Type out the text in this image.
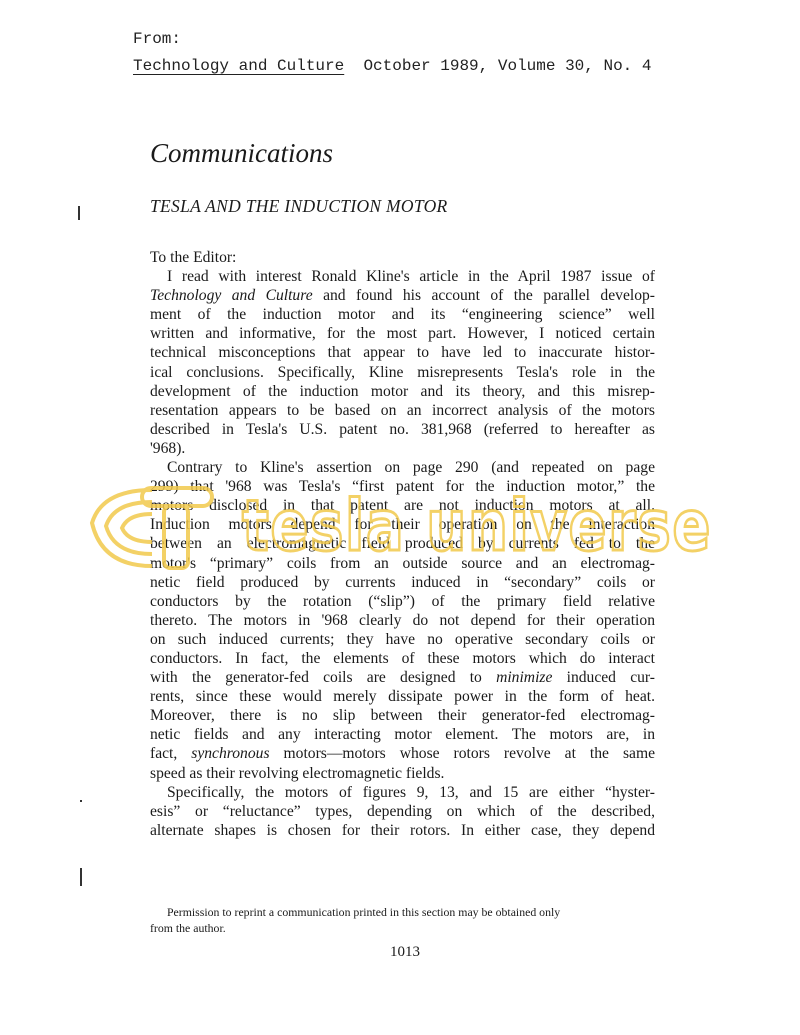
From:
Technology and Culture October 1989, Volume 30, No. 4
Communications
TESLA AND THE INDUCTION MOTOR
To the Editor:
I read with interest Ronald Kline's article in the April 1987 issue of
Technology and Culture and found his account of the parallel develop-
ment of the induction motor and its “engineering science” well
written and informative, for the most part. However, I noticed certain
technical misconceptions that appear to have led to inaccurate histor-
ical conclusions. Specifically, Kline misrepresents Tesla's role in the
development of the induction motor and its theory, and this misrep-
resentation appears to be based on an incorrect analysis of the motors
described in Tesla's U.S. patent no. 381,968 (referred to hereafter as
'968).
Contrary to Kline's assertion on page 290 (and repeated on page
299) that '968 was Tesla's “first patent for the induction motor,” the
motors disclosed in that patent are not induction motors at all.
Induction motors depend for their operation on the interaction
between an electromagnetic field produced by currents fed to the
motor's “primary” coils from an outside source and an electromag-
netic field produced by currents induced in “secondary” coils or
conductors by the rotation (“slip”) of the primary field relative
thereto. The motors in '968 clearly do not depend for their operation
on such induced currents; they have no operative secondary coils or
conductors. In fact, the elements of these motors which do interact
with the generator-fed coils are designed to minimize induced cur-
rents, since these would merely dissipate power in the form of heat.
Moreover, there is no slip between their generator-fed electromag-
netic fields and any interacting motor element. The motors are, in
fact, synchronous motors—motors whose rotors revolve at the same
speed as their revolving electromagnetic fields.
Specifically, the motors of figures 9, 13, and 15 are either “hyster-
esis” or “reluctance” types, depending on which of the described,
alternate shapes is chosen for their rotors. In either case, they depend
tesla universe
Permission to reprint a communication printed in this section may be obtained only
from the author.
1013
